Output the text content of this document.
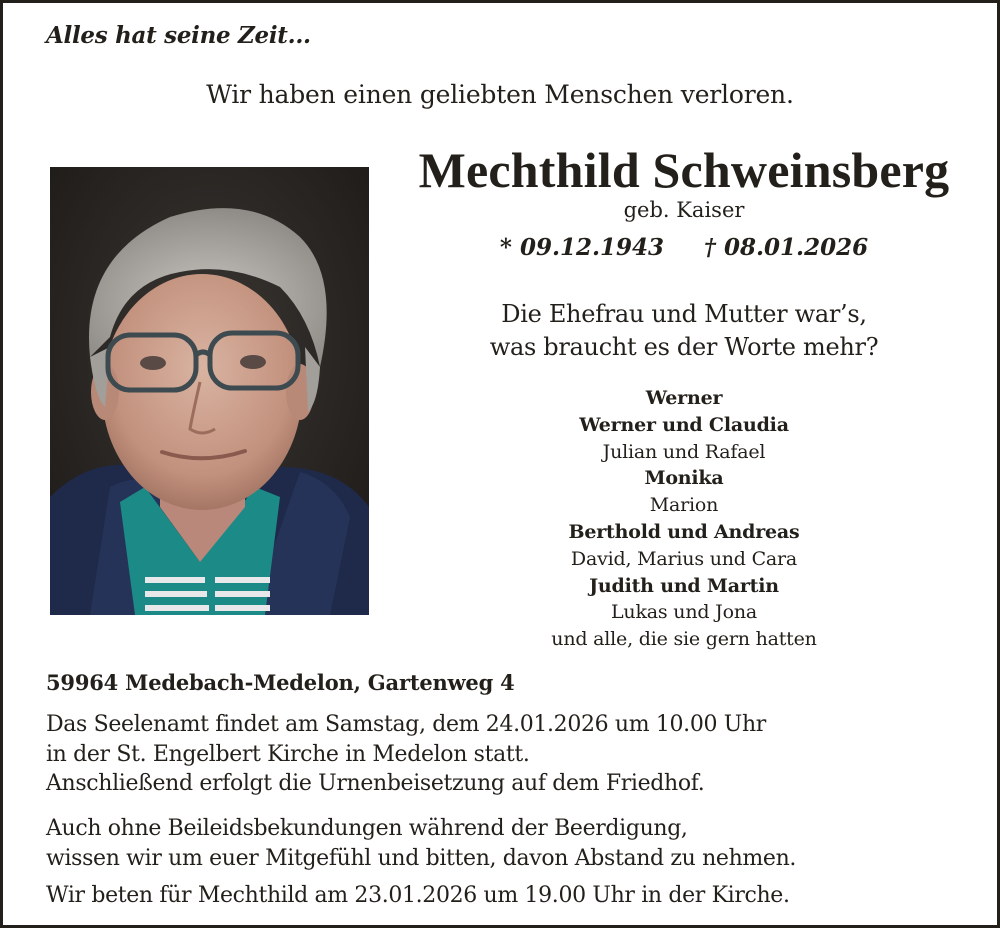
Alles hat seine Zeit...
Wir haben einen geliebten Menschen verloren.
Mechthild Schweinsberg
geb. Kaiser
* 09.12.1943 † 08.01.2026
Die Ehefrau und Mutter war’s,
was braucht es der Worte mehr?
Werner
Werner und Claudia
Julian und Rafael
Monika
Marion
Berthold und Andreas
David, Marius und Cara
Judith und Martin
Lukas und Jona
und alle, die sie gern hatten
59964 Medebach-Medelon, Gartenweg 4
Das Seelenamt findet am Samstag, dem 24.01.2026 um 10.00 Uhr
in der St. Engelbert Kirche in Medelon statt.
Anschließend erfolgt die Urnenbeisetzung auf dem Friedhof.
Auch ohne Beileidsbekundungen während der Beerdigung,
wissen wir um euer Mitgefühl und bitten, davon Abstand zu nehmen.
Wir beten für Mechthild am 23.01.2026 um 19.00 Uhr in der Kirche.
